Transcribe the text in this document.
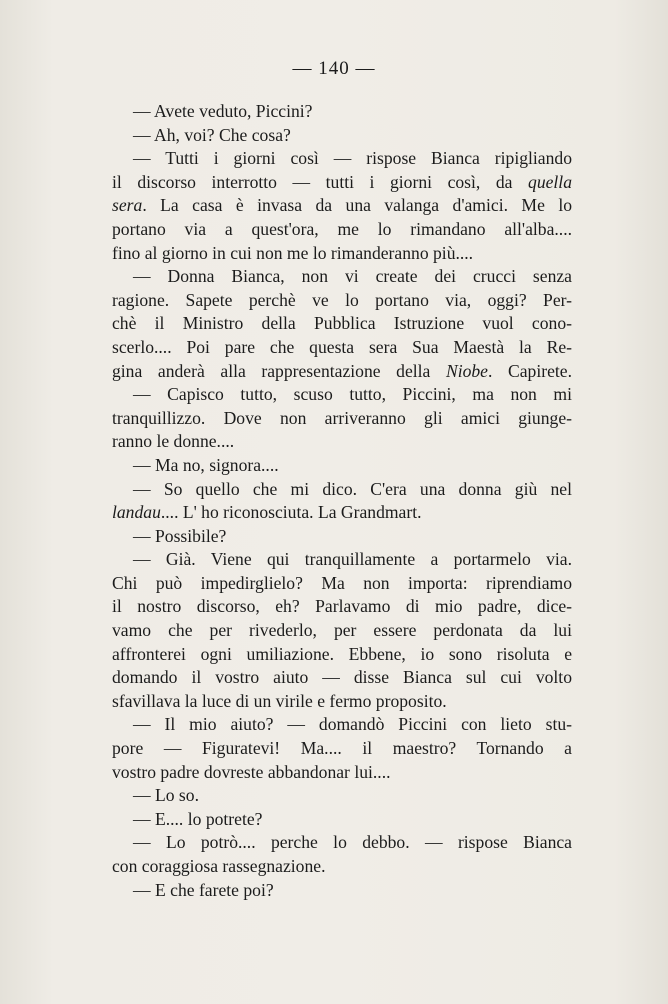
— 140 —
— Avete veduto, Piccini?
— Ah, voi? Che cosa?
— Tutti i giorni così — rispose Bianca ripigliando
il discorso interrotto — tutti i giorni così, da quella
sera. La casa è invasa da una valanga d'amici. Me lo
portano via a quest'ora, me lo rimandano all'alba....
fino al giorno in cui non me lo rimanderanno più....
— Donna Bianca, non vi create dei crucci senza
ragione. Sapete perchè ve lo portano via, oggi? Per-
chè il Ministro della Pubblica Istruzione vuol cono-
scerlo.... Poi pare che questa sera Sua Maestà la Re-
gina anderà alla rappresentazione della Niobe. Capirete.
— Capisco tutto, scuso tutto, Piccini, ma non mi
tranquillizzo. Dove non arriveranno gli amici giunge-
ranno le donne....
— Ma no, signora....
— So quello che mi dico. C'era una donna giù nel
landau.... L' ho riconosciuta. La Grandmart.
— Possibile?
— Già. Viene qui tranquillamente a portarmelo via.
Chi può impedirglielo? Ma non importa: riprendiamo
il nostro discorso, eh? Parlavamo di mio padre, dice-
vamo che per rivederlo, per essere perdonata da lui
affronterei ogni umiliazione. Ebbene, io sono risoluta e
domando il vostro aiuto — disse Bianca sul cui volto
sfavillava la luce di un virile e fermo proposito.
— Il mio aiuto? — domandò Piccini con lieto stu-
pore — Figuratevi! Ma.... il maestro? Tornando a
vostro padre dovreste abbandonar lui....
— Lo so.
— E.... lo potrete?
— Lo potrò.... perche lo debbo. — rispose Bianca
con coraggiosa rassegnazione.
— E che farete poi?
